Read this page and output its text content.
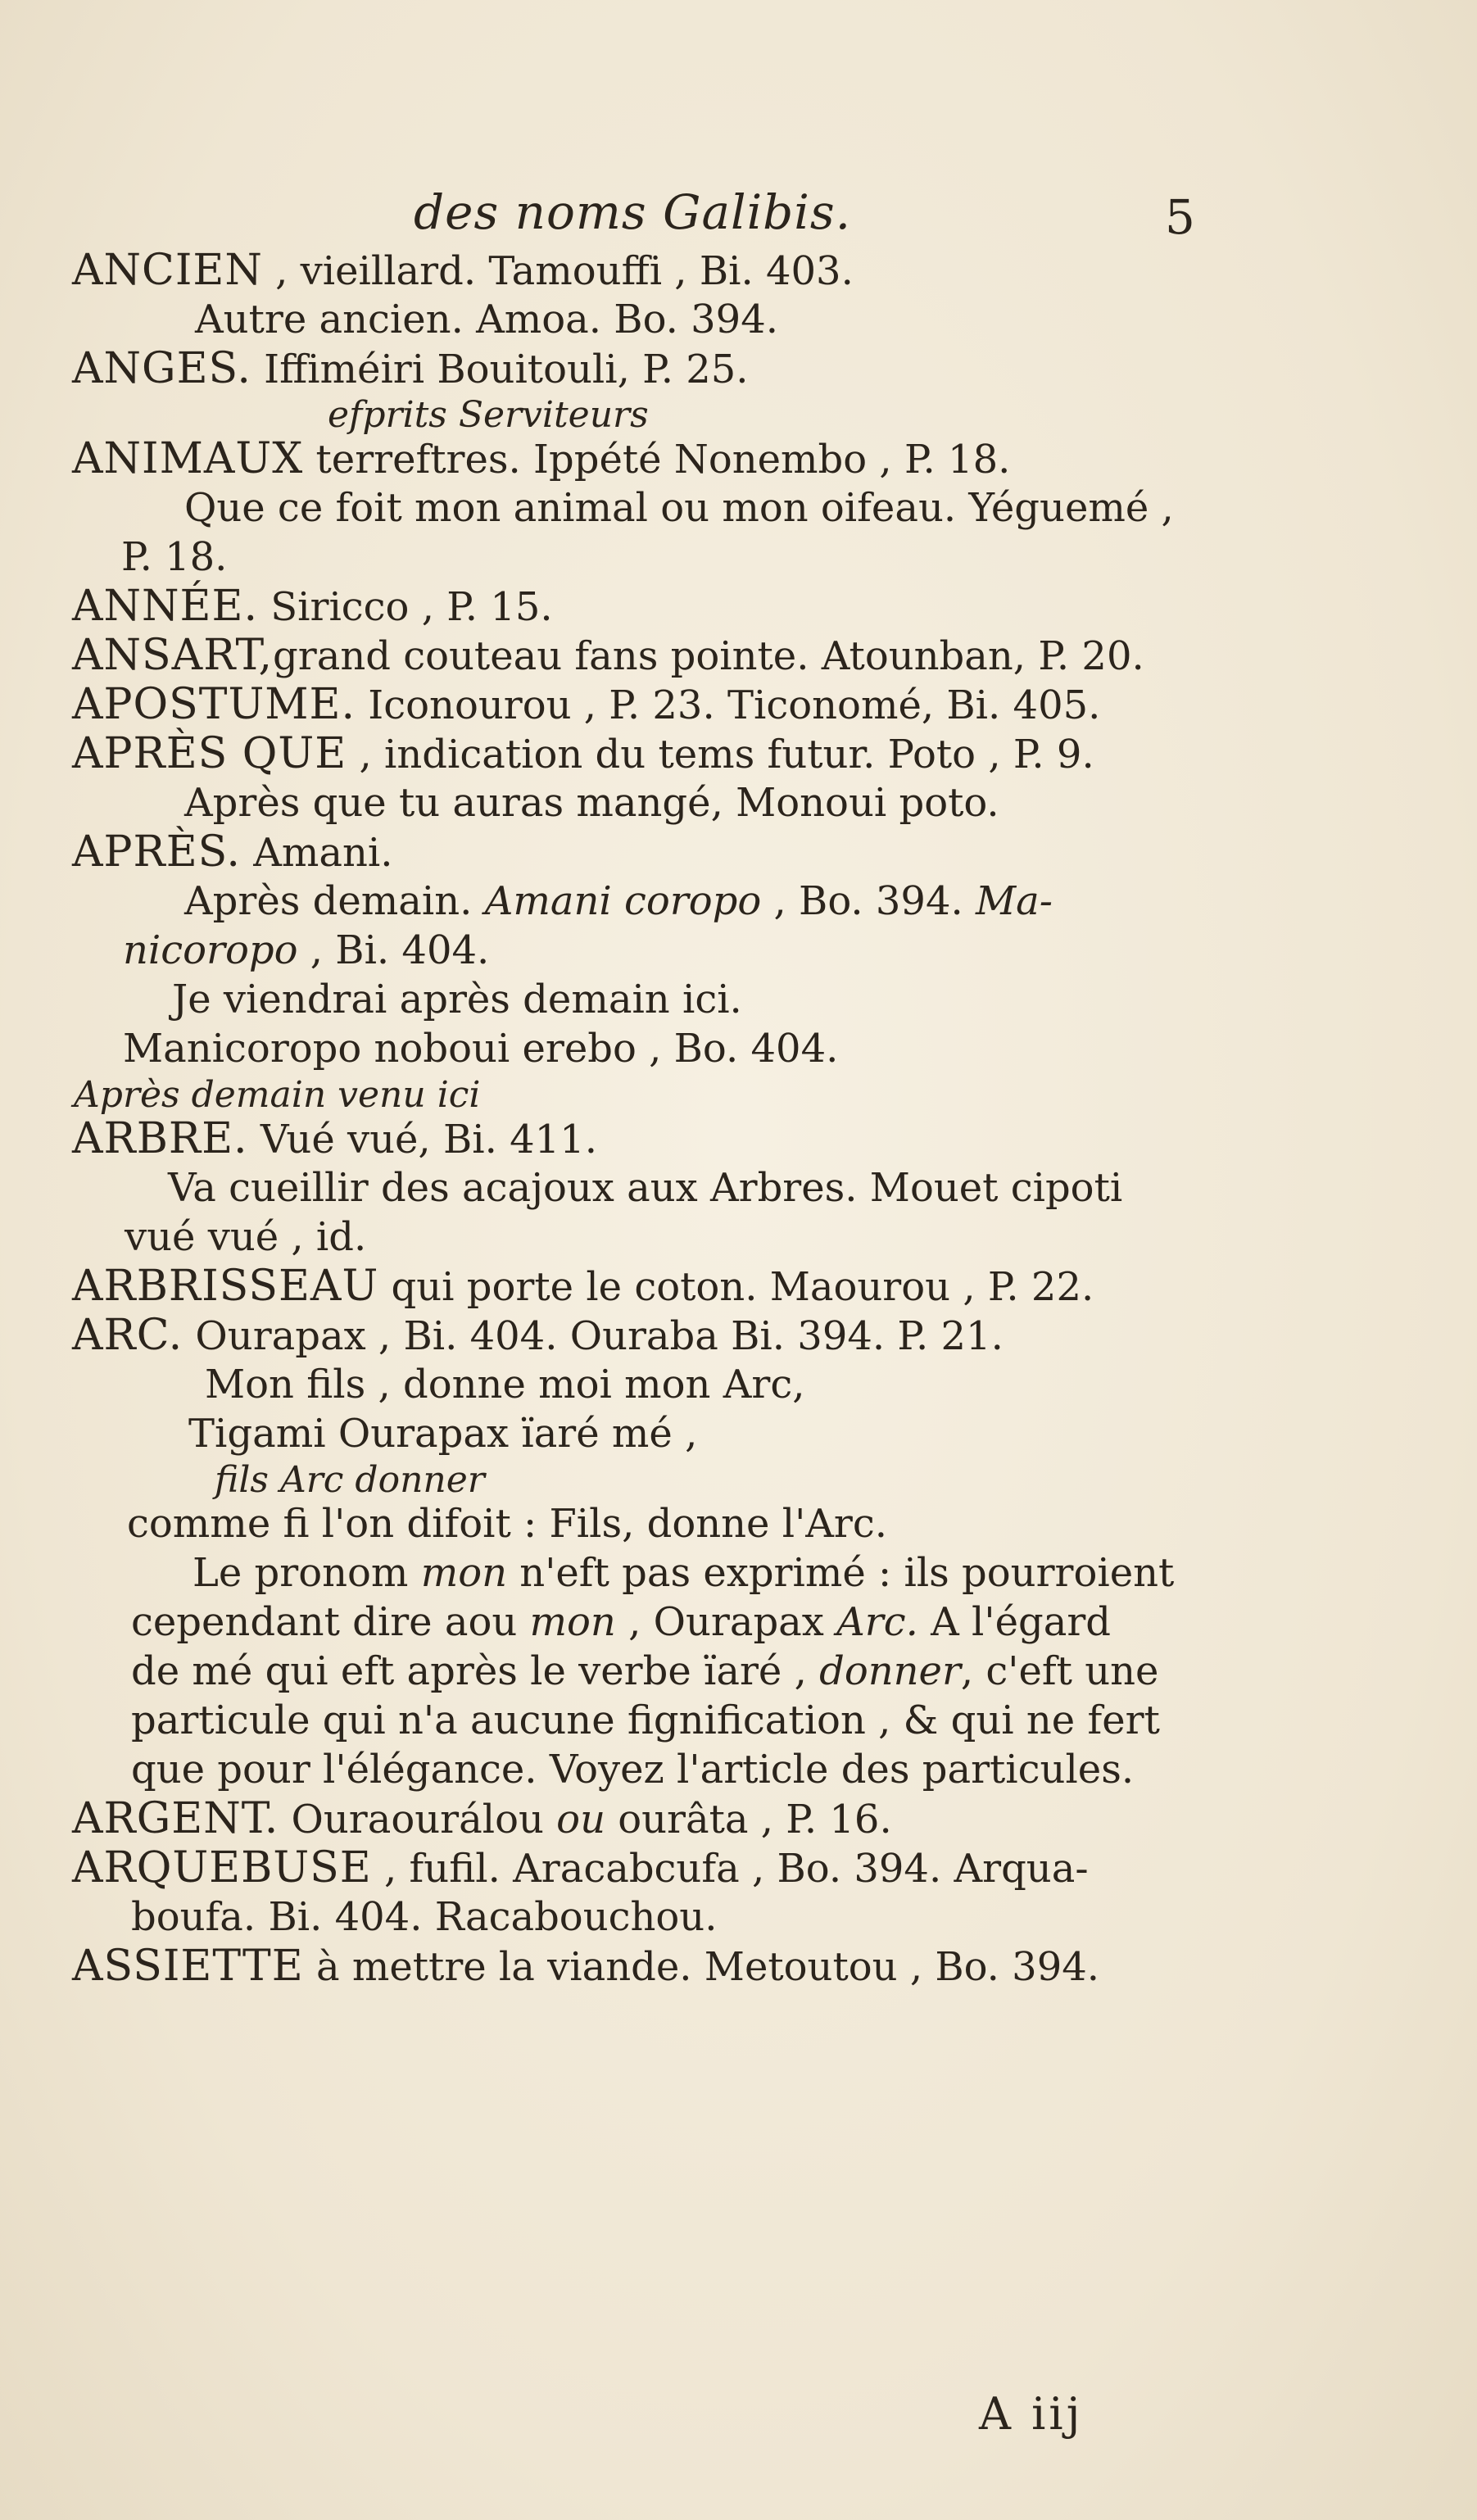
des noms Galibis.	5
ANCIEN , vieillard. Tamouffi , Bi. 403.
Autre ancien. Amoa. Bo. 394.
ANGES. Iffiméiri Bouitouli, P. 25.
efprits Serviteurs
ANIMAUX terreftres. Ippété Nonembo , P. 18.
Que ce foit mon animal ou mon oifeau. Yéguemé ,
P. 18.
ANNÉE. Siricco , P. 15.
ANSART,grand couteau fans pointe. Atounban, P. 20.
APOSTUME. Iconourou , P. 23. Ticonomé, Bi. 405.
APRÈS QUE , indication du tems futur. Poto , P. 9.
Après que tu auras mangé, Monoui poto.
APRÈS. Amani.
Après demain. Amani coropo , Bo. 394. Ma-
nicoropo , Bi. 404.
Je viendrai après demain ici.
Manicoropo noboui erebo , Bo. 404.
Après demain venu ici
ARBRE. Vué vué, Bi. 411.
Va cueillir des acajoux aux Arbres. Mouet cipoti
vué vué , id.
ARBRISSEAU qui porte le coton. Maourou , P. 22.
ARC. Ourapax , Bi. 404. Ouraba Bi. 394. P. 21.
Mon fils , donne moi mon Arc,
Tigami Ourapax ïaré mé ,
fils Arc donner
comme fi l'on difoit : Fils, donne l'Arc.
Le pronom mon n'eft pas exprimé : ils pourroient
cependant dire aou mon , Ourapax Arc. A l'égard
de mé qui eft après le verbe ïaré , donner, c'eft une
particule qui n'a aucune fignification , & qui ne fert
que pour l'élégance. Voyez l'article des particules.
ARGENT. Ouraourálou ou ourâta , P. 16.
ARQUEBUSE , fufil. Aracabcufa , Bo. 394. Arqua-
boufa. Bi. 404. Racabouchou.
ASSIETTE à mettre la viande. Metoutou , Bo. 394.
A iij
